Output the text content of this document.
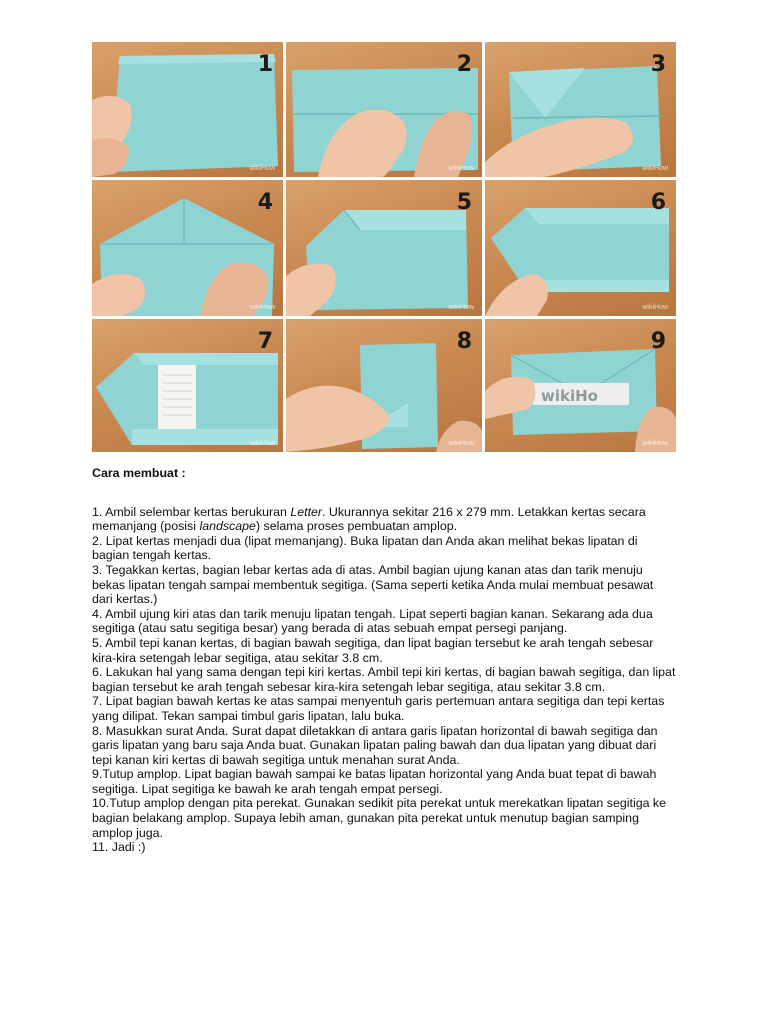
1
wikiHow
2
wikiHow
3
wikiHow
4
wikiHow
5
wikiHow
6
wikiHow
7
wikiHow
8
wikiHow
wikiHo
9
wikiHow
Cara membuat :

1. Ambil selembar kertas berukuran Letter. Ukurannya sekitar 216 x 279 mm. Letakkan kertas secara memanjang (posisi landscape) selama proses pembuatan amplop.

2. Lipat kertas menjadi dua (lipat memanjang). Buka lipatan dan Anda akan melihat bekas lipatan di bagian tengah kertas.

3. Tegakkan kertas, bagian lebar kertas ada di atas. Ambil bagian ujung kanan atas dan tarik menuju bekas lipatan tengah sampai membentuk segitiga. (Sama seperti ketika Anda mulai membuat pesawat dari kertas.)

4. Ambil ujung kiri atas dan tarik menuju lipatan tengah. Lipat seperti bagian kanan. Sekarang ada dua segitiga (atau satu segitiga besar) yang berada di atas sebuah empat persegi panjang.

5. Ambil tepi kanan kertas, di bagian bawah segitiga, dan lipat bagian tersebut ke arah tengah sebesar kira-kira setengah lebar segitiga, atau sekitar 3.8 cm.

6. Lakukan hal yang sama dengan tepi kiri kertas. Ambil tepi kiri kertas, di bagian bawah segitiga, dan lipat bagian tersebut ke arah tengah sebesar kira-kira setengah lebar segitiga, atau sekitar 3.8 cm.

7. Lipat bagian bawah kertas ke atas sampai menyentuh garis pertemuan antara segitiga dan tepi kertas yang dilipat. Tekan sampai timbul garis lipatan, lalu buka.

8. Masukkan surat Anda. Surat dapat diletakkan di antara garis lipatan horizontal di bawah segitiga dan garis lipatan yang baru saja Anda buat. Gunakan lipatan paling bawah dan dua lipatan yang dibuat dari tepi kanan kiri kertas di bawah segitiga untuk menahan surat Anda.

9.Tutup amplop. Lipat bagian bawah sampai ke batas lipatan horizontal yang Anda buat tepat di bawah segitiga. Lipat segitiga ke bawah ke arah tengah empat persegi.

10.Tutup amplop dengan pita perekat. Gunakan sedikit pita perekat untuk merekatkan lipatan segitiga ke bagian belakang amplop. Supaya lebih aman, gunakan pita perekat untuk menutup bagian samping amplop juga.

11. Jadi :)
